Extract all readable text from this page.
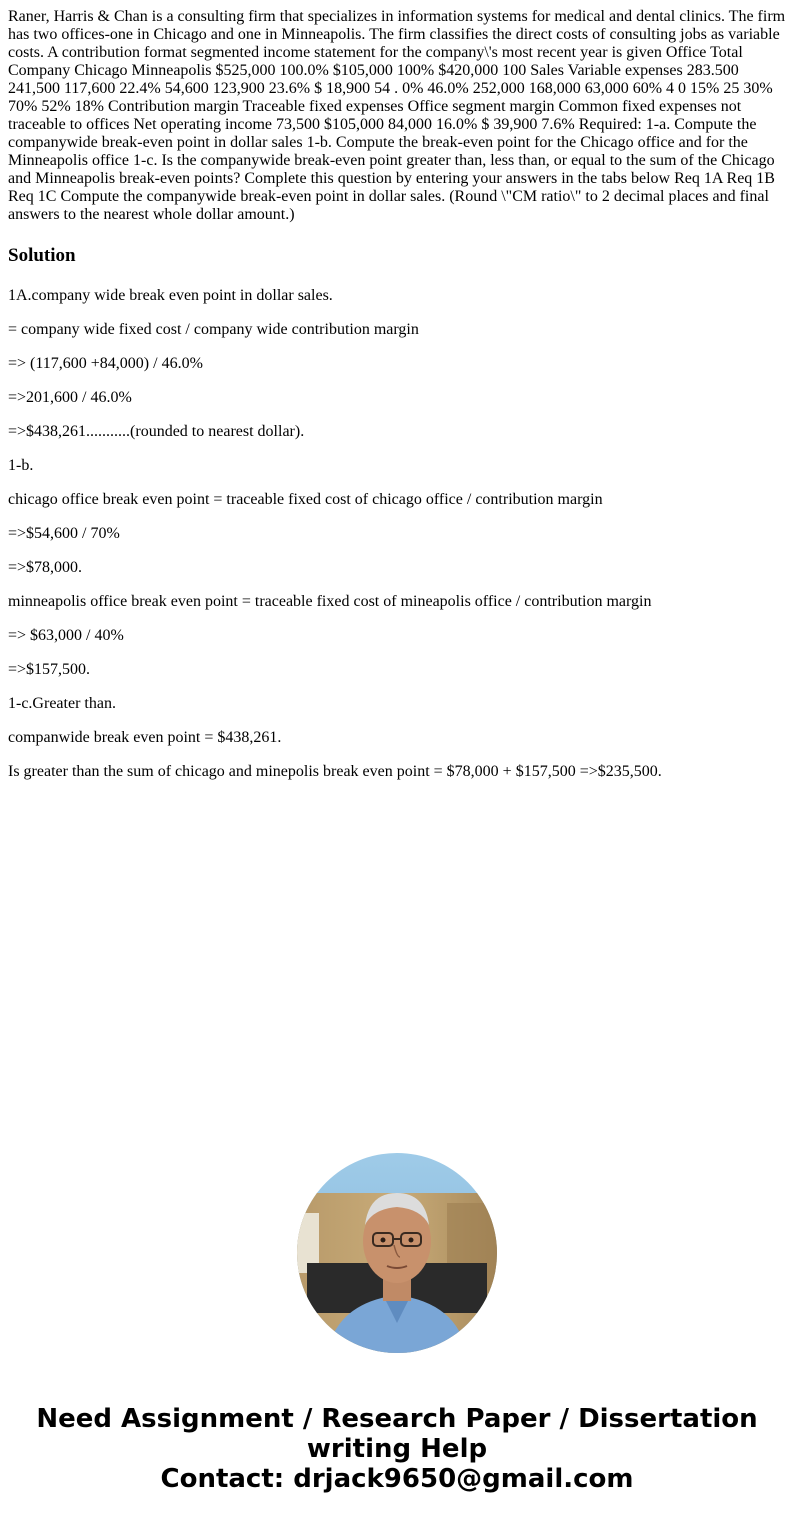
Raner, Harris & Chan is a consulting firm that specializes in information systems for medical and dental clinics. The firm has two offices-one in Chicago and one in Minneapolis. The firm classifies the direct costs of consulting jobs as variable costs. A contribution format segmented income statement for the company\'s most recent year is given Office Total Company Chicago Minneapolis $525,000 100.0% $105,000 100% $420,000 100 Sales Variable expenses 283.500 241,500 117,600 22.4% 54,600 123,900 23.6% $ 18,900 54 . 0% 46.0% 252,000 168,000 63,000 60% 4 0 15% 25 30% 70% 52% 18% Contribution margin Traceable fixed expenses Office segment margin Common fixed expenses not traceable to offices Net operating income 73,500 $105,000 84,000 16.0% $ 39,900 7.6% Required: 1-a. Compute the companywide break-even point in dollar sales 1-b. Compute the break-even point for the Chicago office and for the Minneapolis office 1-c. Is the companywide break-even point greater than, less than, or equal to the sum of the Chicago and Minneapolis break-even points? Complete this question by entering your answers in the tabs below Req 1A Req 1B Req 1C Compute the companywide break-even point in dollar sales. (Round \"CM ratio\" to 2 decimal places and final answers to the nearest whole dollar amount.)

Solution

1A.company wide break even point in dollar sales.

= company wide fixed cost / company wide contribution margin

=> (117,600 +84,000) / 46.0%

=>201,600 / 46.0%

=>$438,261...........(rounded to nearest dollar).

1-b.

chicago office break even point = traceable fixed cost of chicago office / contribution margin

=>$54,600 / 70%

=>$78,000.

minneapolis office break even point = traceable fixed cost of mineapolis office / contribution margin

=> $63,000 / 40%

=>$157,500.

1-c.Greater than.

companwide break even point = $438,261.

Is greater than the sum of chicago and minepolis break even point = $78,000 + $157,500 =>$235,500.

Need Assignment / Research Paper / Dissertation
writing Help
Contact: drjack9650@gmail.com
